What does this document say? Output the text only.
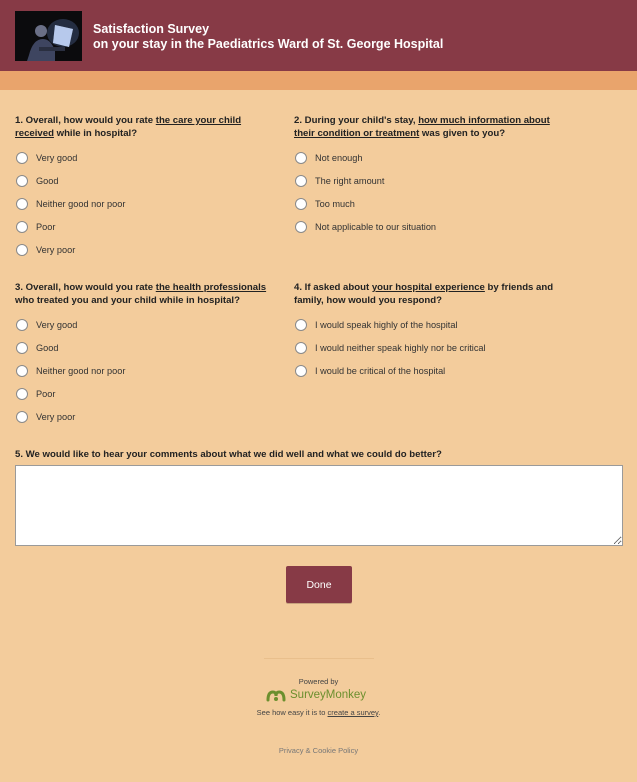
Satisfaction Survey
on your stay in the Paediatrics Ward of St. George Hospital
1. Overall, how would you rate the care your child received while in hospital?
Very good
Good
Neither good nor poor
Poor
Very poor
2. During your child's stay, how much information about their condition or treatment was given to you?
Not enough
The right amount
Too much
Not applicable to our situation
3. Overall, how would you rate the health professionals who treated you and your child while in hospital?
Very good
Good
Neither good nor poor
Poor
Very poor
4. If asked about your hospital experience by friends and family, how would you respond?
I would speak highly of the hospital
I would neither speak highly nor be critical
I would be critical of the hospital
5. We would like to hear your comments about what we did well and what we could do better?
Done
Powered by
SurveyMonkey
See how easy it is to create a survey.
Privacy & Cookie Policy
